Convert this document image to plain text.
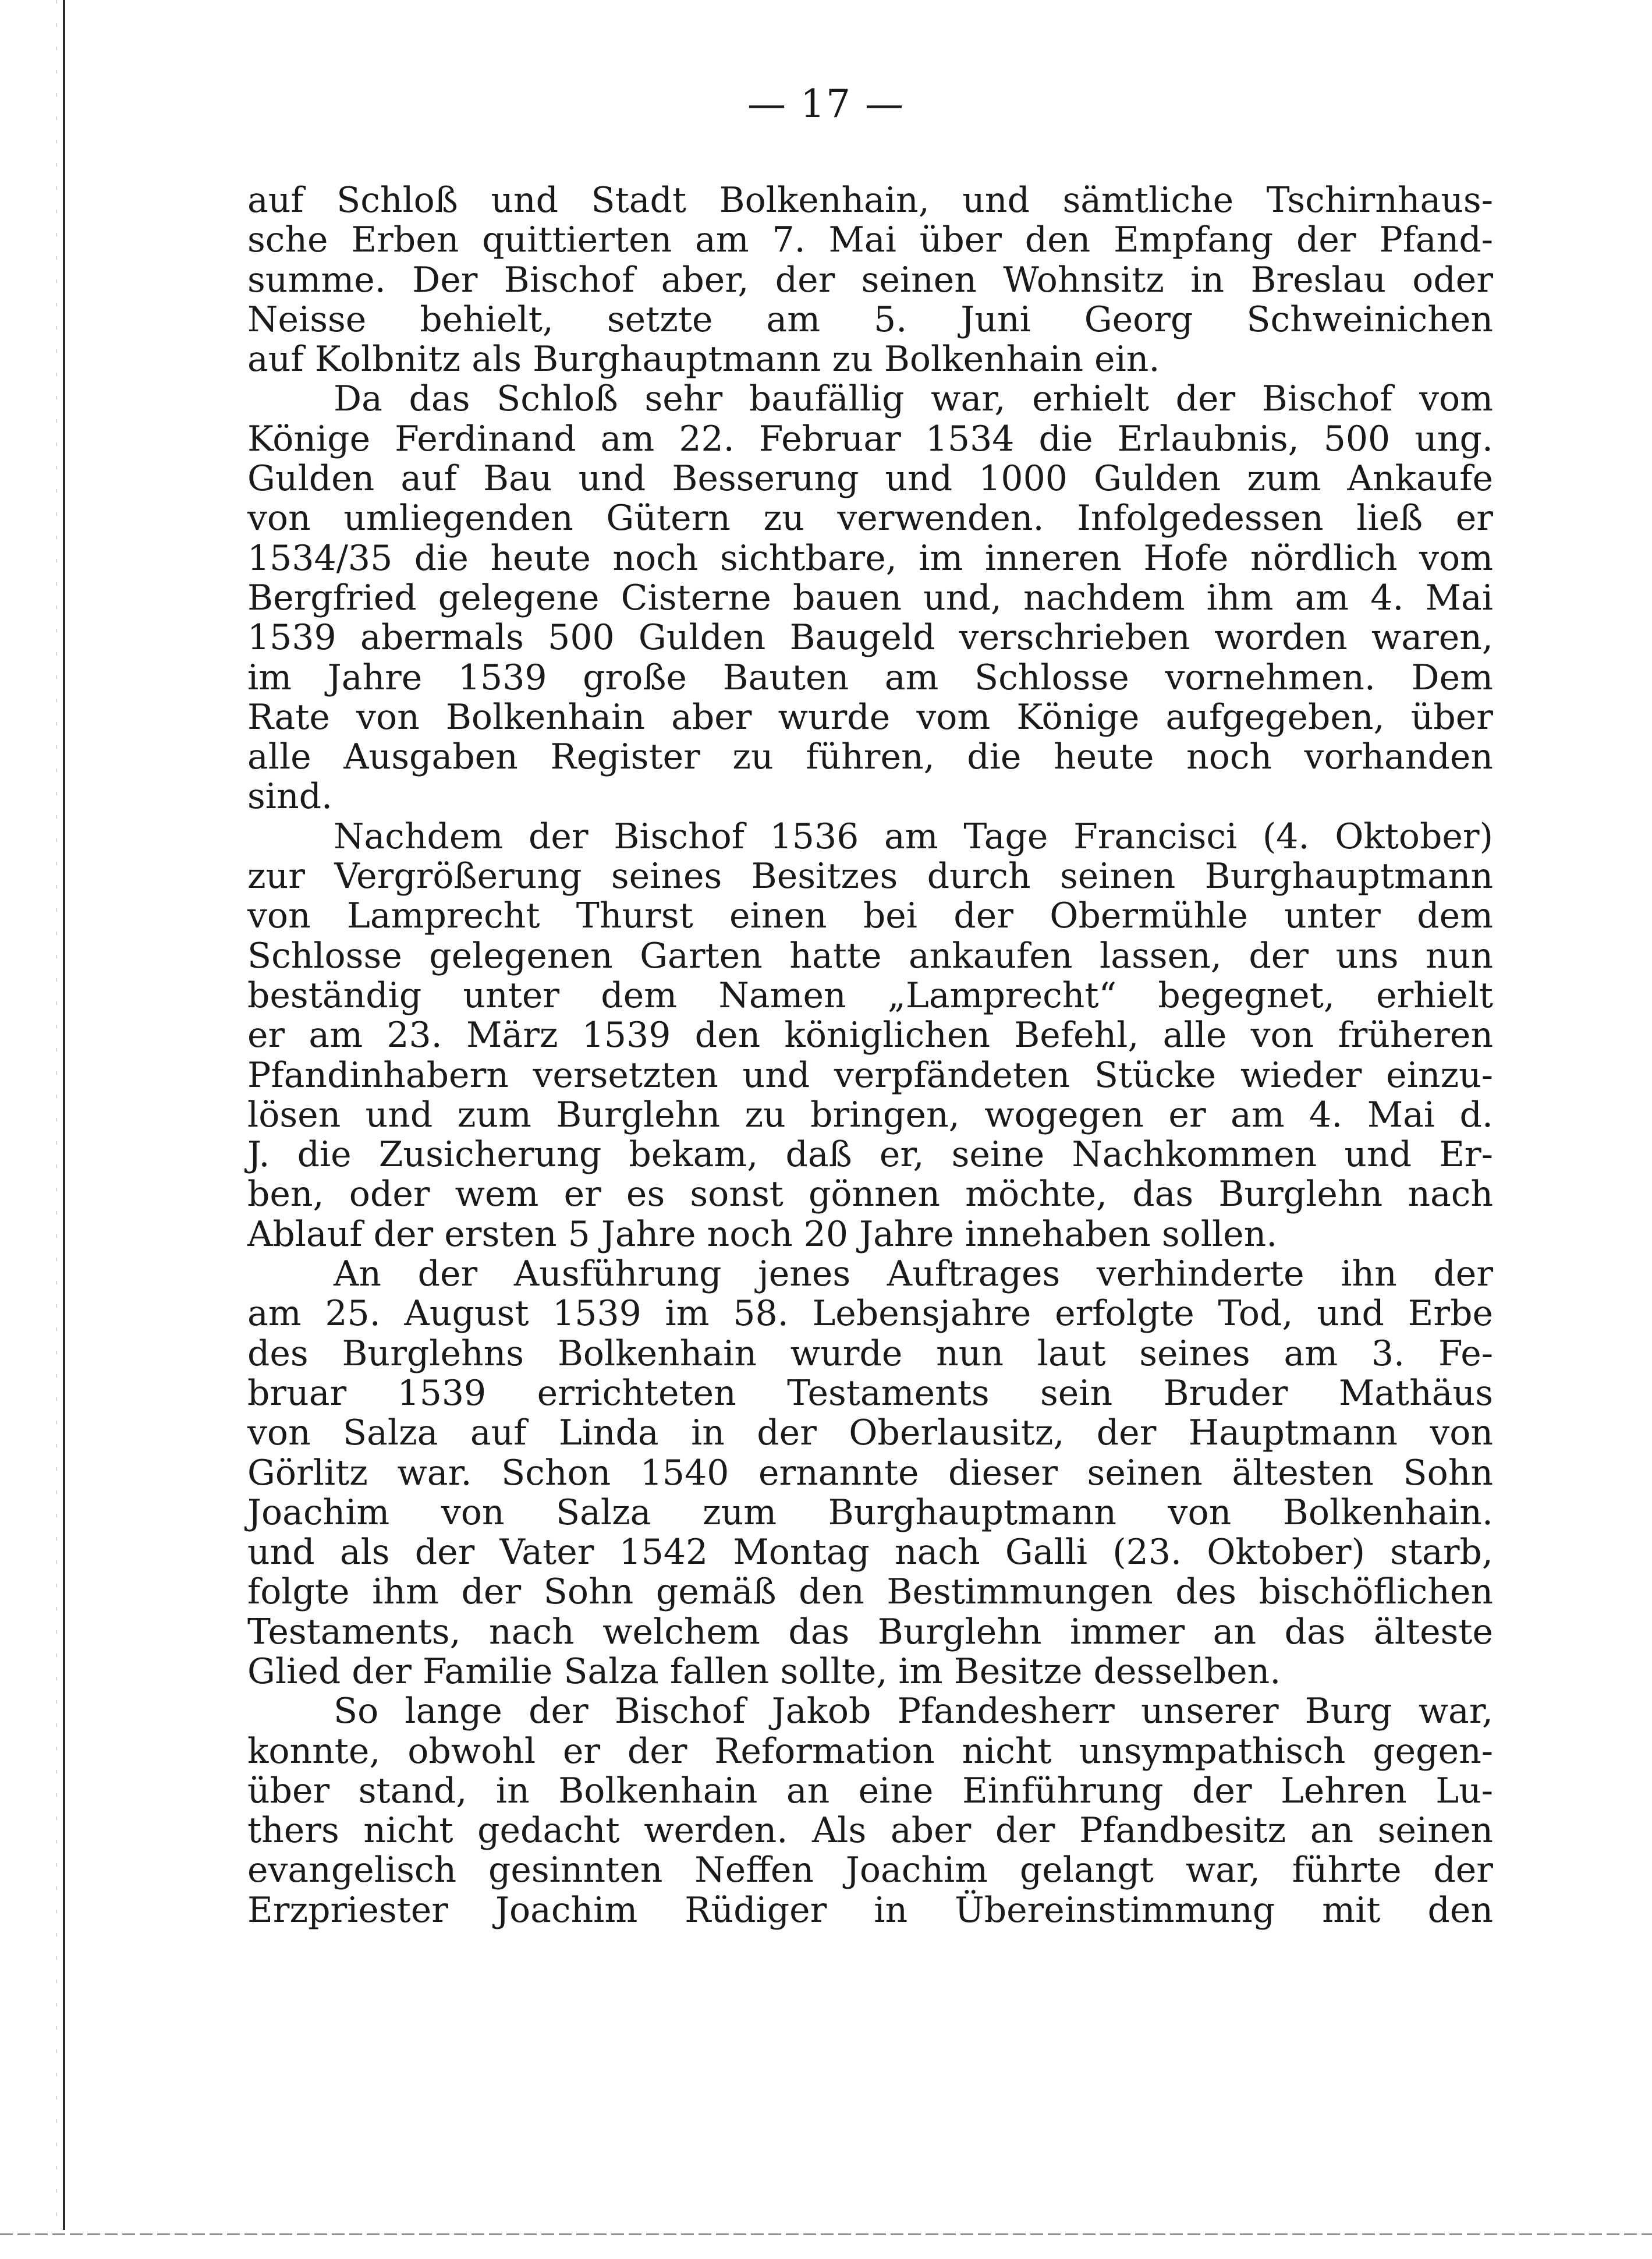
— 17 —
auf Schloß und Stadt Bolkenhain, und sämtliche Tschirnhaus-
sche Erben quittierten am 7. Mai über den Empfang der Pfand-
summe. Der Bischof aber, der seinen Wohnsitz in Breslau oder
Neisse behielt, setzte am 5. Juni Georg Schweinichen
auf Kolbnitz als Burghauptmann zu Bolkenhain ein.
Da das Schloß sehr baufällig war, erhielt der Bischof vom
Könige Ferdinand am 22. Februar 1534 die Erlaubnis, 500 ung.
Gulden auf Bau und Besserung und 1000 Gulden zum Ankaufe
von umliegenden Gütern zu verwenden. Infolgedessen ließ er
1534/35 die heute noch sichtbare, im inneren Hofe nördlich vom
Bergfried gelegene Cisterne bauen und, nachdem ihm am 4. Mai
1539 abermals 500 Gulden Baugeld verschrieben worden waren,
im Jahre 1539 große Bauten am Schlosse vornehmen. Dem
Rate von Bolkenhain aber wurde vom Könige aufgegeben, über
alle Ausgaben Register zu führen, die heute noch vorhanden
sind.
Nachdem der Bischof 1536 am Tage Francisci (4. Oktober)
zur Vergrößerung seines Besitzes durch seinen Burghauptmann
von Lamprecht Thurst einen bei der Obermühle unter dem
Schlosse gelegenen Garten hatte ankaufen lassen, der uns nun
beständig unter dem Namen „Lamprecht“ begegnet, erhielt
er am 23. März 1539 den königlichen Befehl, alle von früheren
Pfandinhabern versetzten und verpfändeten Stücke wieder einzu-
lösen und zum Burglehn zu bringen, wogegen er am 4. Mai d.
J. die Zusicherung bekam, daß er, seine Nachkommen und Er-
ben, oder wem er es sonst gönnen möchte, das Burglehn nach
Ablauf der ersten 5 Jahre noch 20 Jahre innehaben sollen.
An der Ausführung jenes Auftrages verhinderte ihn der
am 25. August 1539 im 58. Lebensjahre erfolgte Tod, und Erbe
des Burglehns Bolkenhain wurde nun laut seines am 3. Fe-
bruar 1539 errichteten Testaments sein Bruder Mathäus
von Salza auf Linda in der Oberlausitz, der Hauptmann von
Görlitz war. Schon 1540 ernannte dieser seinen ältesten Sohn
Joachim von Salza zum Burghauptmann von Bolkenhain.
und als der Vater 1542 Montag nach Galli (23. Oktober) starb,
folgte ihm der Sohn gemäß den Bestimmungen des bischöflichen
Testaments, nach welchem das Burglehn immer an das älteste
Glied der Familie Salza fallen sollte, im Besitze desselben.
So lange der Bischof Jakob Pfandesherr unserer Burg war,
konnte, obwohl er der Reformation nicht unsympathisch gegen-
über stand, in Bolkenhain an eine Einführung der Lehren Lu-
thers nicht gedacht werden. Als aber der Pfandbesitz an seinen
evangelisch gesinnten Neffen Joachim gelangt war, führte der
Erzpriester Joachim Rüdiger in Übereinstimmung mit den
